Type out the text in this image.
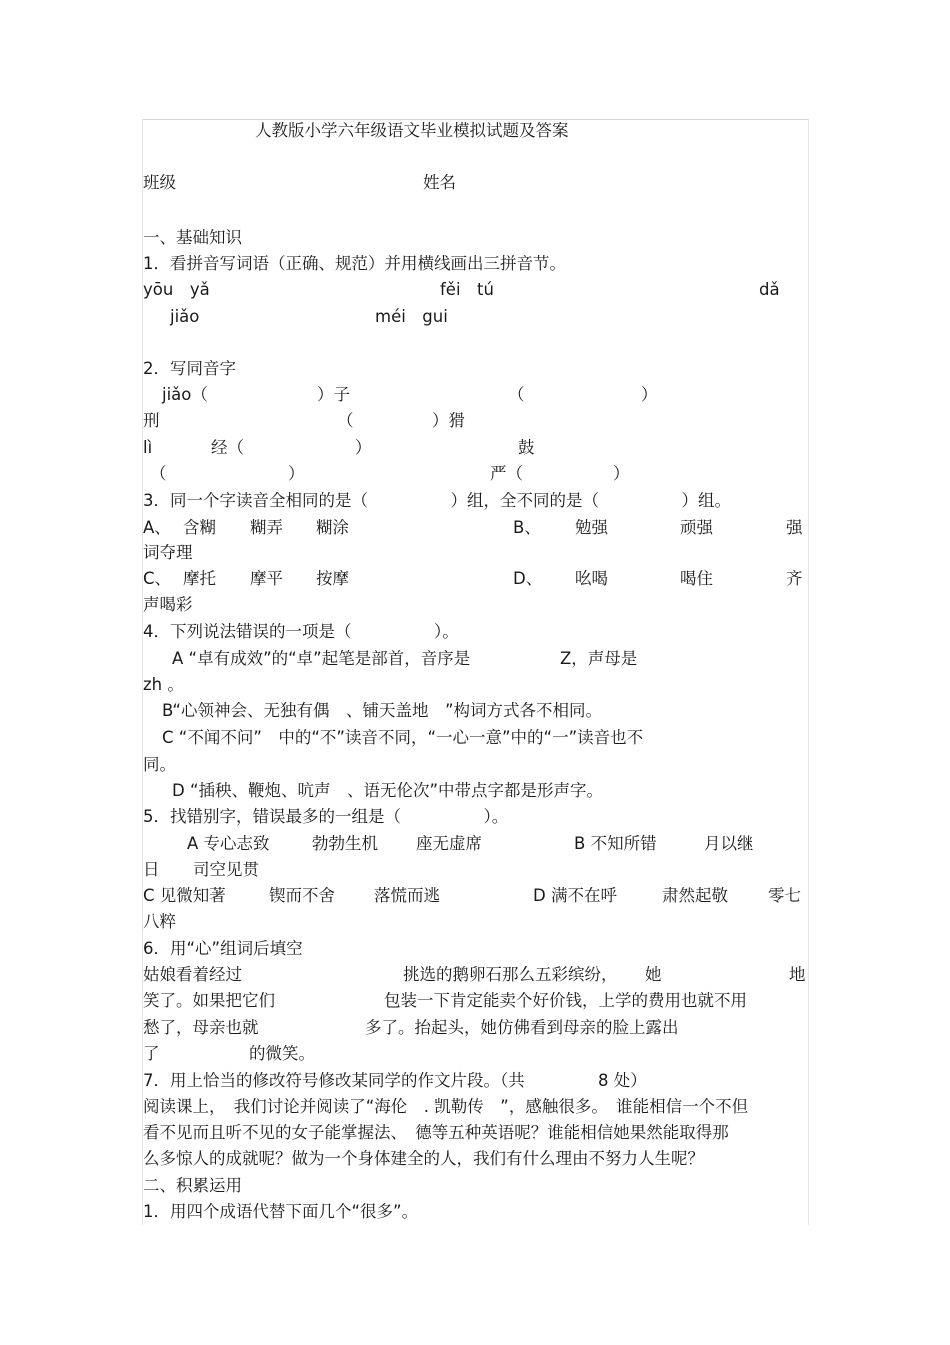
人教版小学六年级语文毕业模拟试题及答案
班级	姓名
一、基础知识
1．看拼音写词语（正确、规范）并用横线画出三拼音节。
yōu　yǎ	fěi　tú	dǎ
jiǎo	méi　gui
2．写同音字
jiǎo（	）子	（	）
刑	（	）猾
lì	经（	）	鼓
（	）	严（	）
3．同一个字读音全相同的是（　　　　　）组，全不同的是（　　　　　）组。
A、 含糊 糊弄 糊涂	B、 勉强	顽强	强
词夺理
C、 摩托 摩平 按摩	D、 吆喝	喝住	齐
声喝彩
4．下列说法错误的一项是（　　　　　）。
A “卓有成效”的“卓”起笔是部首，音序是	Z，声母是
zh 。
B“心领神会、无独有偶　、铺天盖地　”构词方式各不相同。
C “不闻不问”　中的“不”读音不同，“一心一意”中的“一”读音也不
同。
D “插秧、鞭炮、吭声　、语无伦次”中带点字都是形声字。
5．找错别字，错误最多的一组是（　　　　　）。
A 专心志致	勃勃生机 座无虚席	B 不知所错	月以继
日 司空见贯
C 见微知著	锲而不舍 落慌而逃	D 满不在呼	肃然起敬 零七
八粹
6．用“心”组词后填空
姑娘看着经过	挑选的鹅卵石那么五彩缤纷， 她	地
笑了。如果把它们	包装一下肯定能卖个好价钱，上学的费用也就不用
愁了，母亲也就	多了。抬起头，她仿佛看到母亲的脸上露出
了	的微笑。
7．用上恰当的修改符号修改某同学的作文片段。（共	8 处）
阅读课上，　我们讨论并阅读了“海伦　. 凯勒传　”，感触很多。　谁能相信一个不但
看不见而且听不见的女子能掌握法、　德等五种英语呢？谁能相信她果然能取得那
么多惊人的成就呢？做为一个身体建全的人，我们有什么理由不努力人生呢？
二、积累运用
1．用四个成语代替下面几个“很多”。
